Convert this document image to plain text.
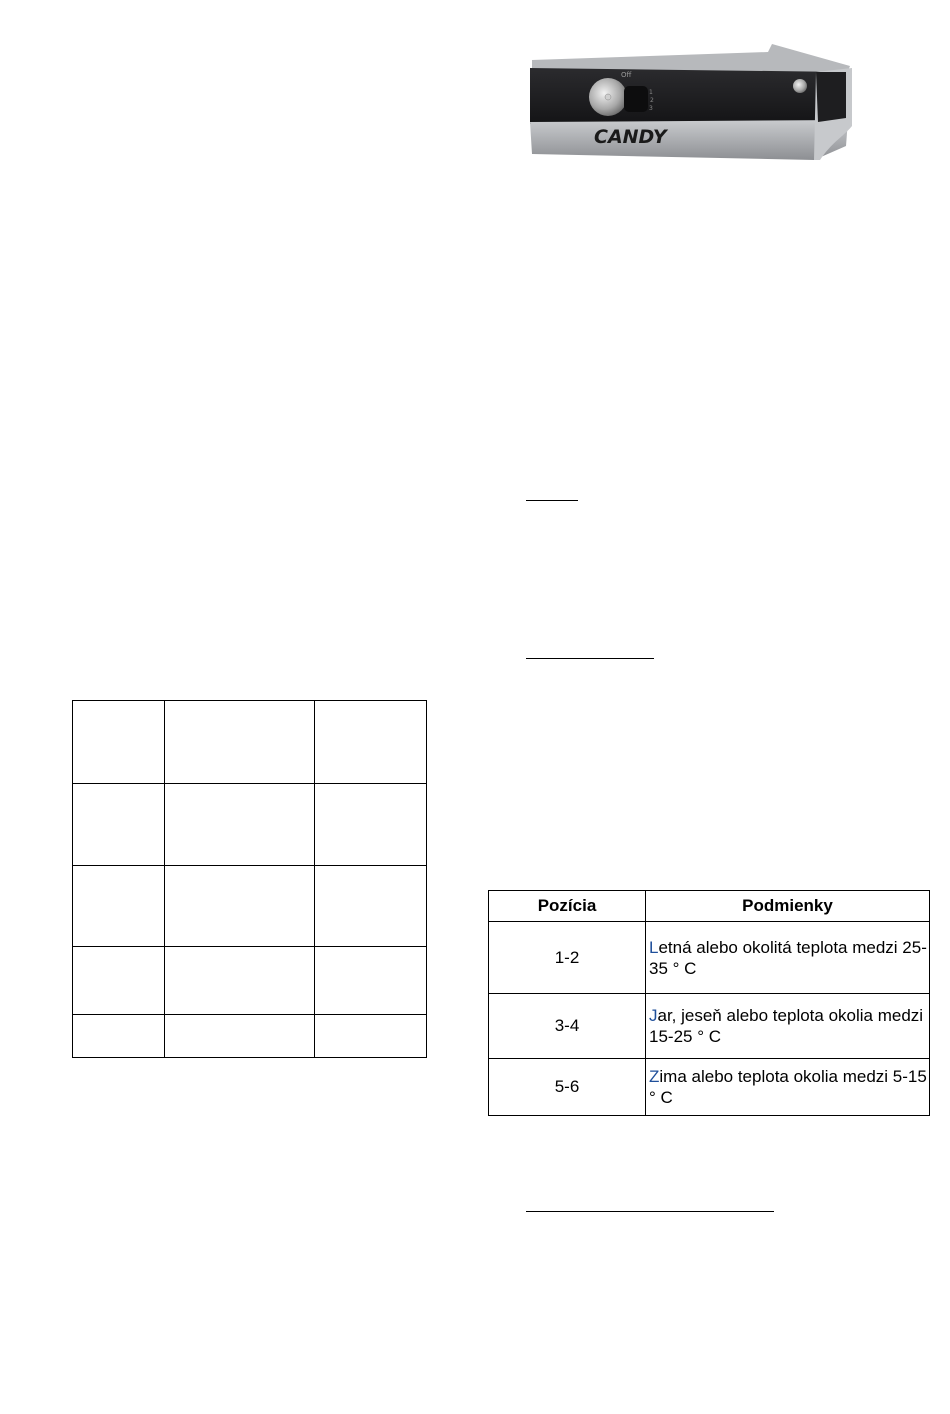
Off
1
2
3
CANDY

Pozícia	Podmienky
1-2	Letná alebo okolitá teplota medzi 25-35 ° C
3-4	Jar, jeseň alebo teplota okolia medzi 15-25 ° C
5-6	Zima alebo teplota okolia medzi 5-15 ° C
